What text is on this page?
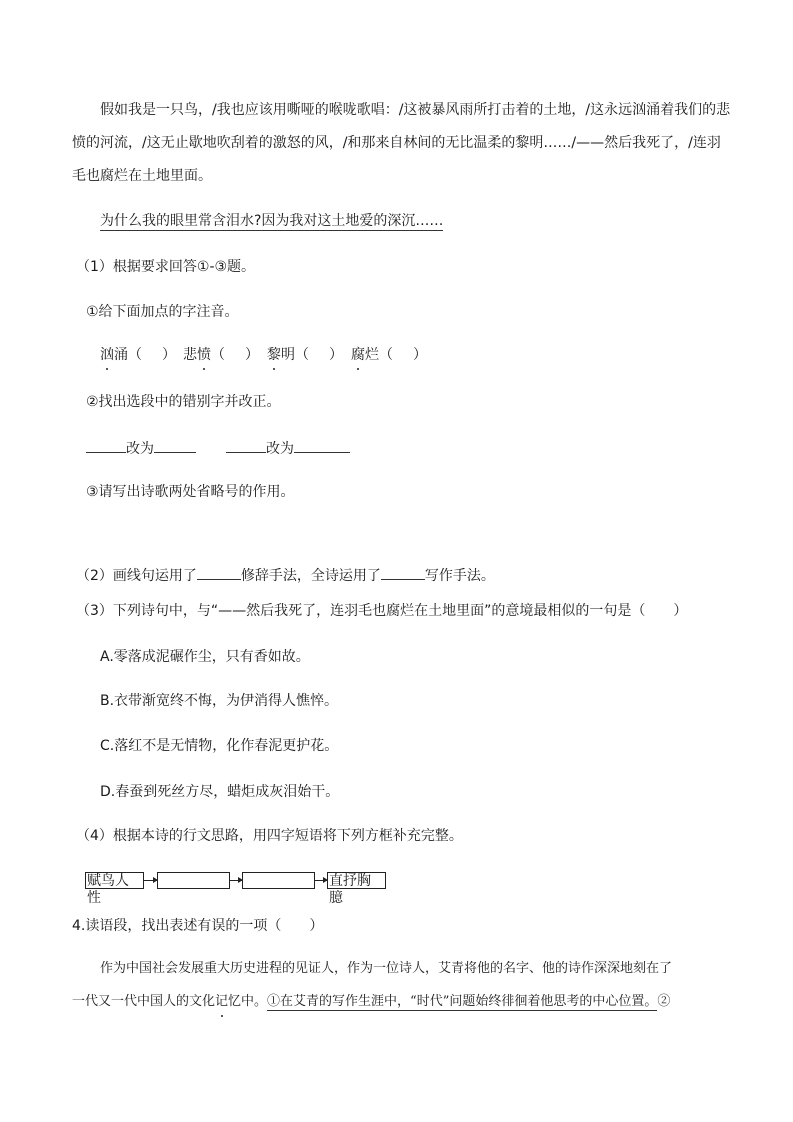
假如我是一只鸟，/我也应该用嘶哑的喉咙歌唱：/这被暴风雨所打击着的土地，/这永远汹涌着我们的悲
愤的河流，/这无止歇地吹刮着的激怒的风，/和那来自林间的无比温柔的黎明……/——然后我死了，/连羽
毛也腐烂在土地里面。
为什么我的眼里常含泪水?因为我对这土地爱的深沉……
（1）根据要求回答①-③题。
①给下面加点的字注音。
汹涌（ ） 悲愤（ ） 黎明（ ） 腐烂（ ）
②找出选段中的错别字并改正。
改为	改为
③请写出诗歌两处省略号的作用。
（2）画线句运用了	修辞手法，全诗运用了	写作手法。
（3）下列诗句中，与“——然后我死了，连羽毛也腐烂在土地里面”的意境最相似的一句是（　　）
A.零落成泥碾作尘，只有香如故。
B.衣带渐宽终不悔，为伊消得人憔悴。
C.落红不是无情物，化作春泥更护花。
D.春蚕到死丝方尽，蜡炬成灰泪始干。
（4）根据本诗的行文思路，用四字短语将下列方框补充完整。
赋鸟人性
直抒胸臆
4.读语段，找出表述有误的一项（　　）
作为中国社会发展重大历史进程的见证人，作为一位诗人，艾青将他的名字、他的诗作深深地刻在了
一代又一代中国人的文化记忆中。①在艾青的写作生涯中，“时代”问题始终徘徊着他思考的中心位置。②
